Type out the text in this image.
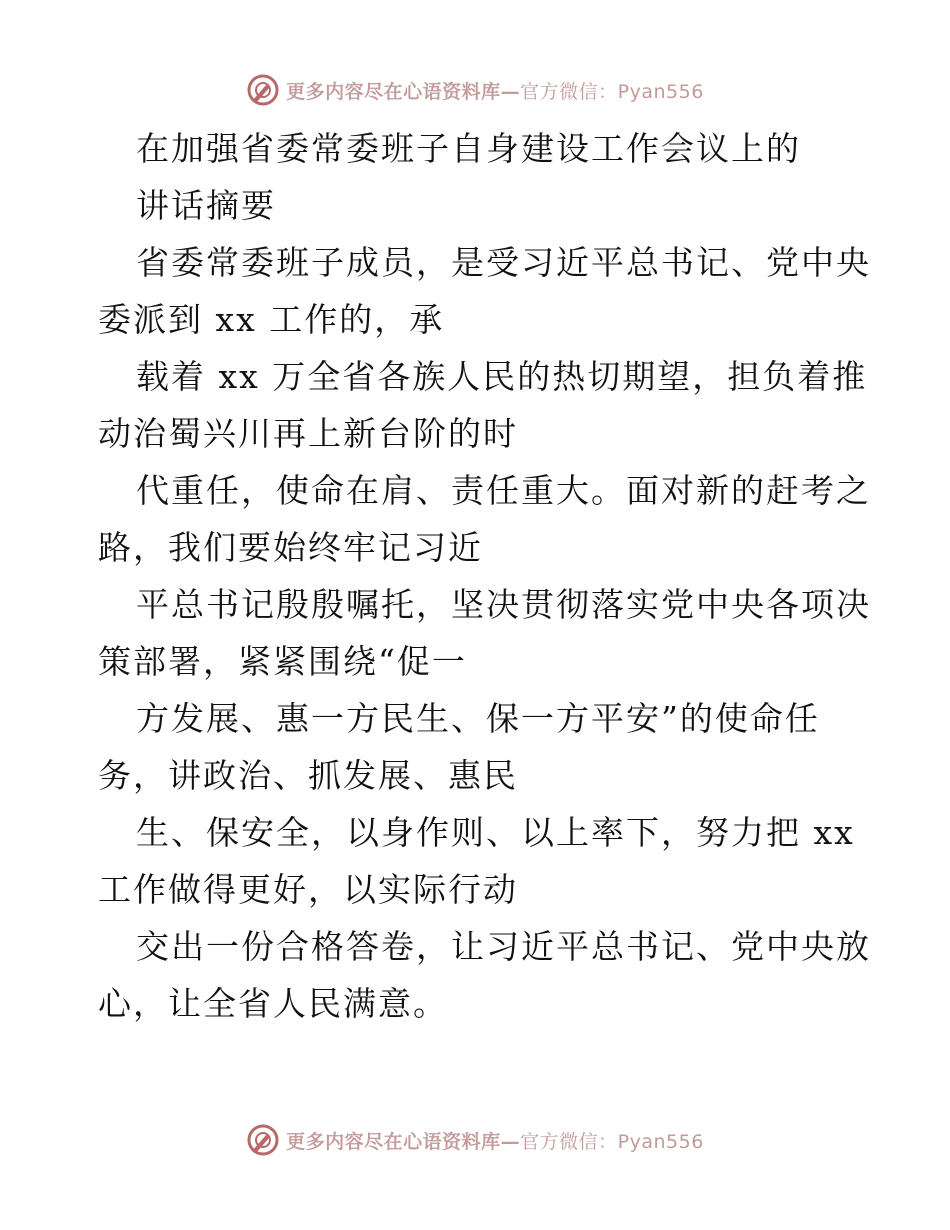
更多内容尽在心语资料库— 官方微信：Pyan556
在加强省委常委班子自身建设工作会议上的
讲话摘要
省委常委班子成员，是受习近平总书记、党中央
委派到 xx 工作的，承
载着 xx 万全省各族人民的热切期望，担负着推
动治蜀兴川再上新台阶的时
代重任，使命在肩、责任重大。面对新的赶考之
路，我们要始终牢记习近
平总书记殷殷嘱托，坚决贯彻落实党中央各项决
策部署，紧紧围绕“促一
方发展、惠一方民生、保一方平安”的使命任
务，讲政治、抓发展、惠民
生、保安全，以身作则、以上率下，努力把 xx
工作做得更好，以实际行动
交出一份合格答卷，让习近平总书记、党中央放
心，让全省人民满意。
更多内容尽在心语资料库— 官方微信：Pyan556
